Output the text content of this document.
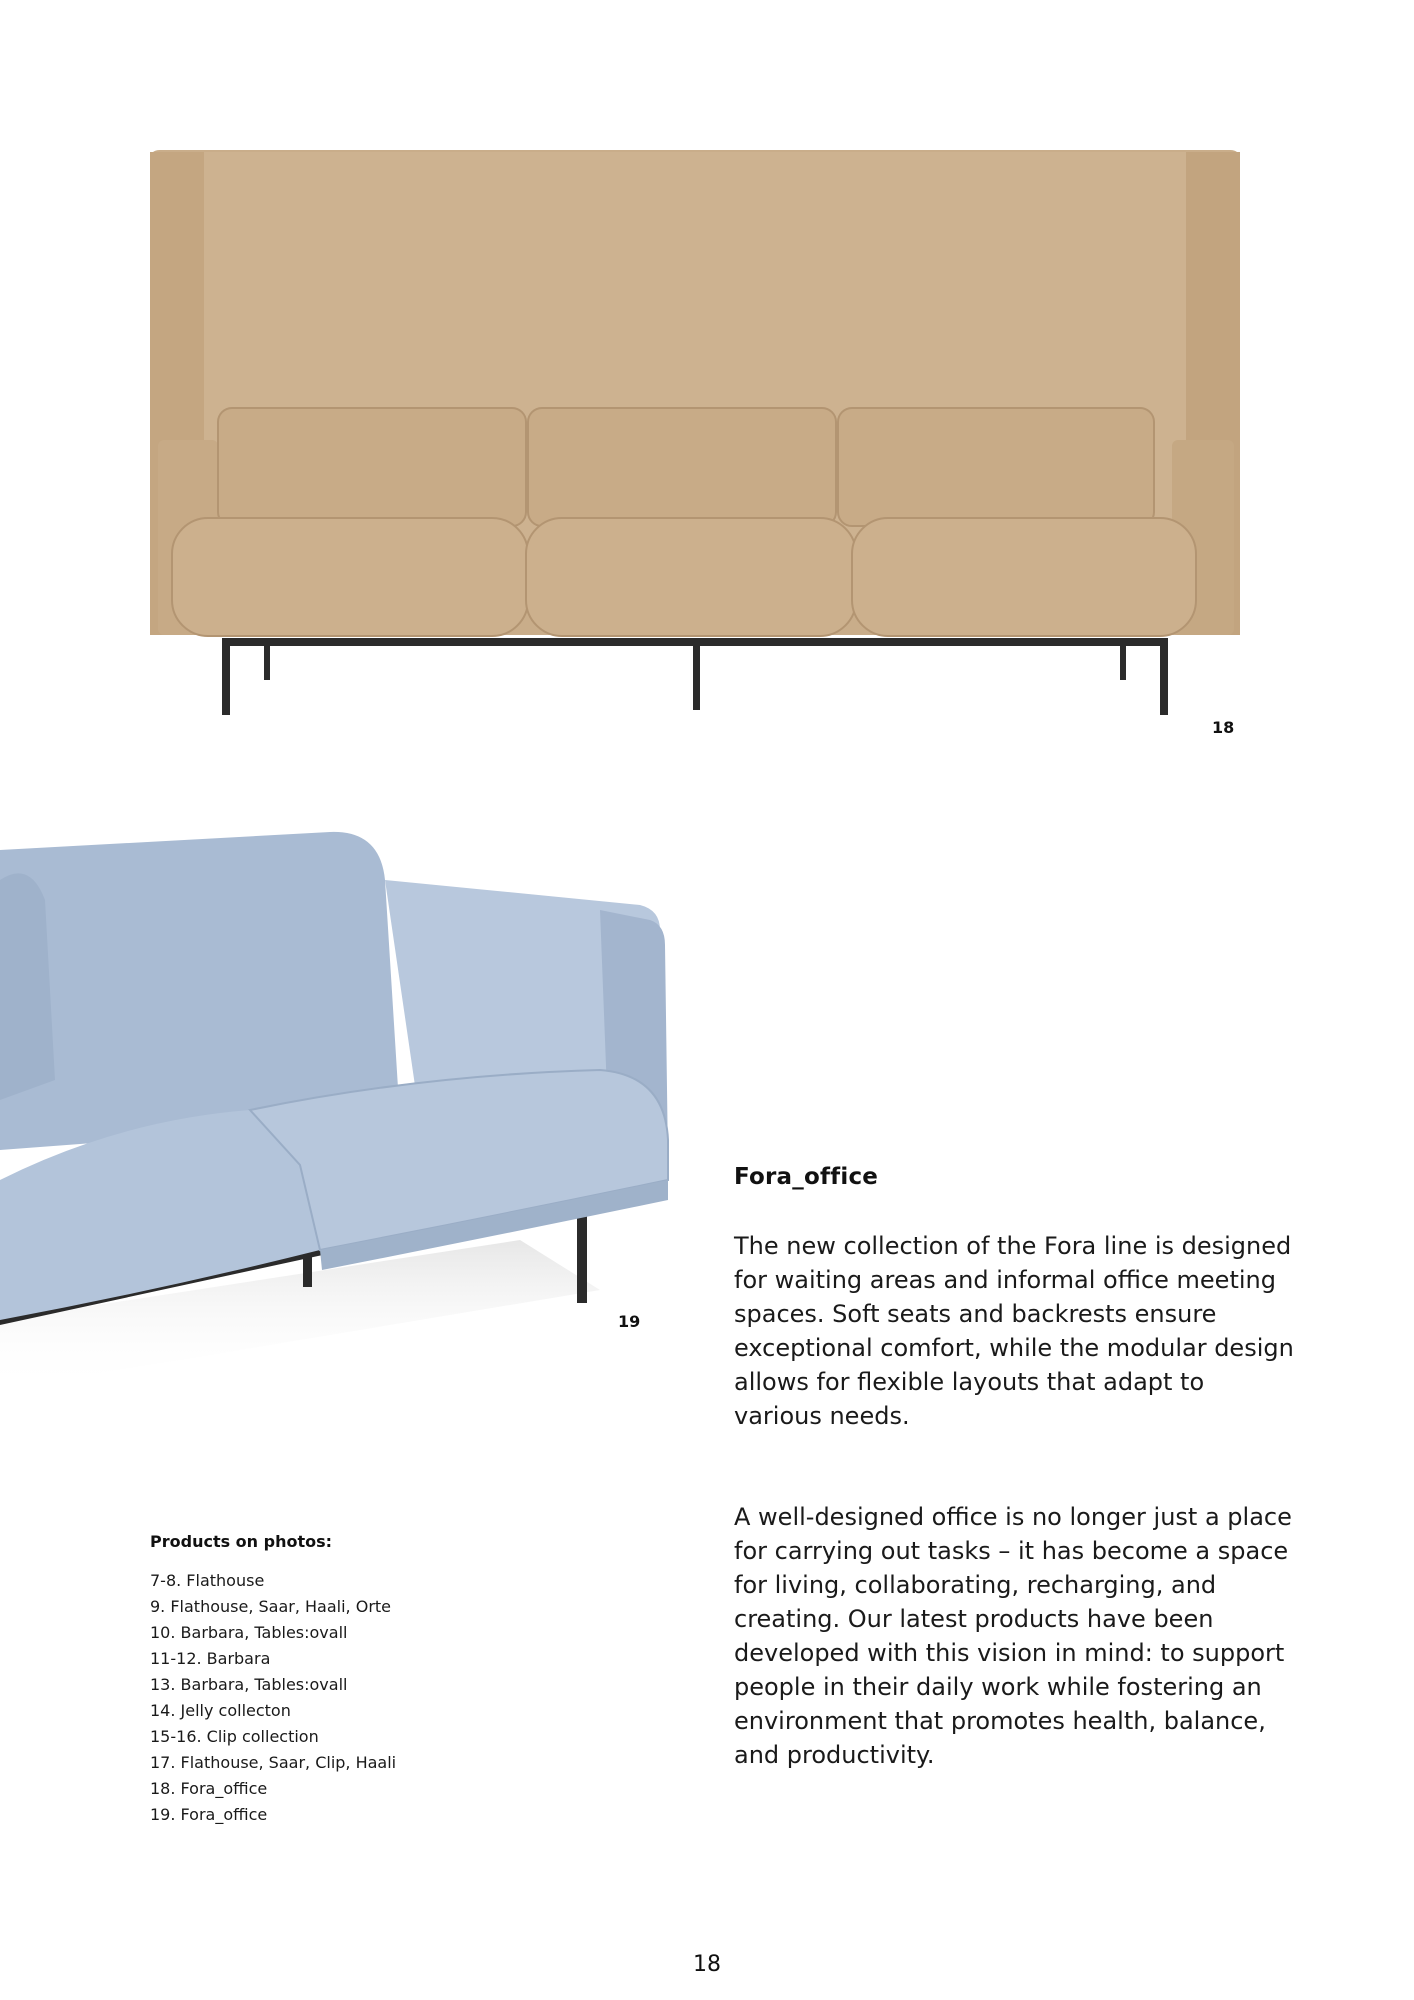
18
19
Fora_office

The new collection of the Fora line is designed for waiting areas and informal office meeting spaces. Soft seats and backrests ensure exceptional comfort, while the modular design allows for flexible layouts that adapt to various needs.

A well-designed office is no longer just a place for carrying out tasks – it has become a space for living, collaborating, recharging, and creating. Our latest products have been developed with this vision in mind: to support people in their daily work while fostering an environment that promotes health, balance, and productivity.

Products on photos:
7-8. Flathouse
9. Flathouse, Saar, Haali, Orte
10. Barbara, Tables:ovall
11-12. Barbara
13. Barbara, Tables:ovall
14. Jelly collecton
15-16. Clip collection
17. Flathouse, Saar, Clip, Haali
18. Fora_office
19. Fora_office
18
